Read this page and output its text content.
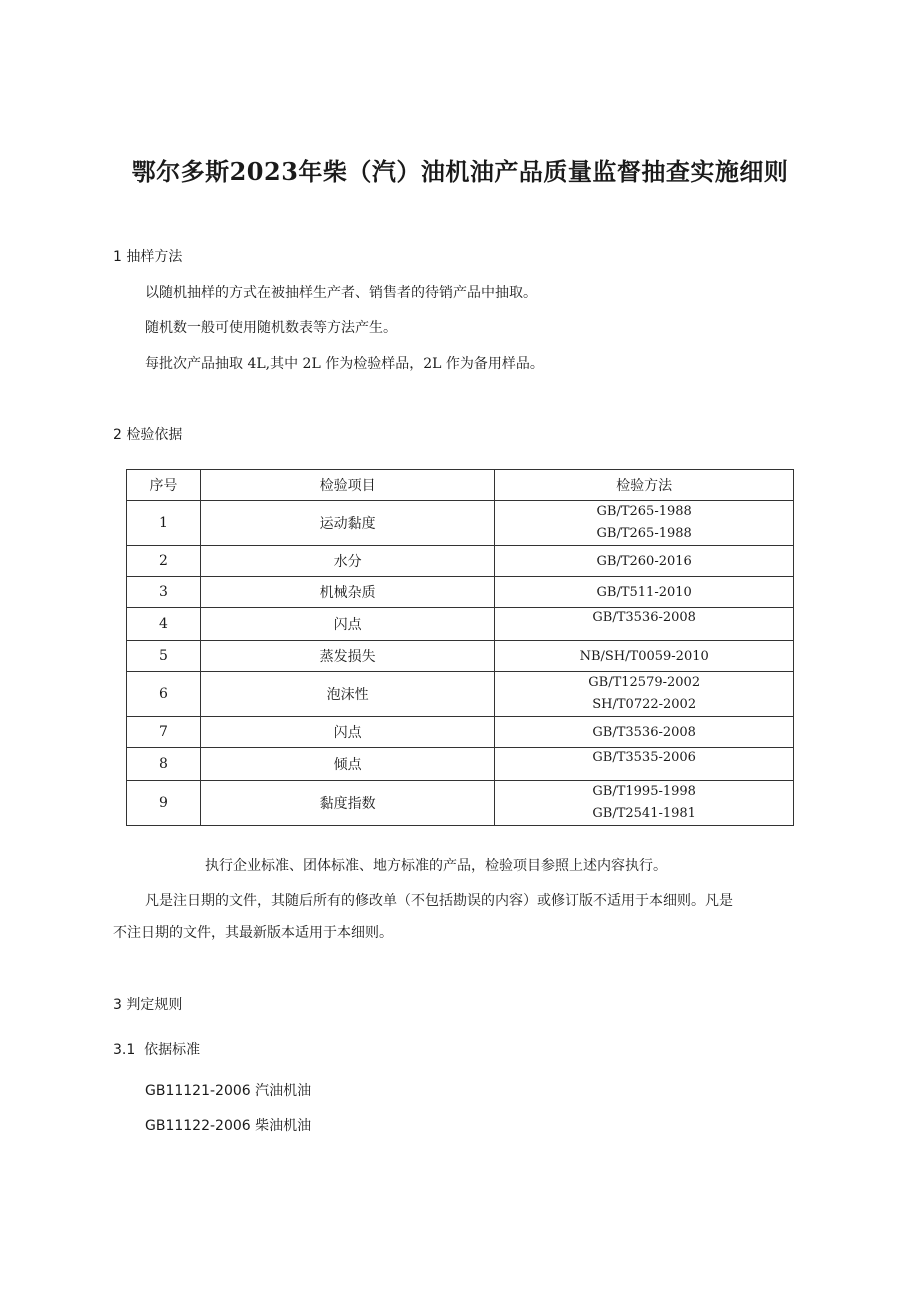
鄂尔多斯2023年柴（汽）油机油产品质量监督抽查实施细则
1 抽样方法
以随机抽样的方式在被抽样生产者、销售者的待销产品中抽取。
随机数一般可使用随机数表等方法产生。
每批次产品抽取 4L,其中 2L 作为检验样品，2L 作为备用样品。
2 检验依据
序号	检验项目	检验方法
1	运动黏度	GB/T265-1988
GB/T265-1988

2	水分	GB/T260-2016

3	机械杂质	GB/T511-2010

4	闪点	GB/T3536-2008

5	蒸发损失	NB/SH/T0059-2010

6	泡沫性	GB/T12579-2002
SH/T0722-2002

7	闪点	GB/T3536-2008

8	倾点	GB/T3535-2006

9	黏度指数	GB/T1995-1998
GB/T2541-1981
执行企业标准、团体标准、地方标准的产品，检验项目参照上述内容执行。
凡是注日期的文件，其随后所有的修改单（不包括勘误的内容）或修订版不适用于本细则。凡是
不注日期的文件，其最新版本适用于本细则。
3 判定规则
3.1  依据标准
GB11121-2006 汽油机油
GB11122-2006 柴油机油
